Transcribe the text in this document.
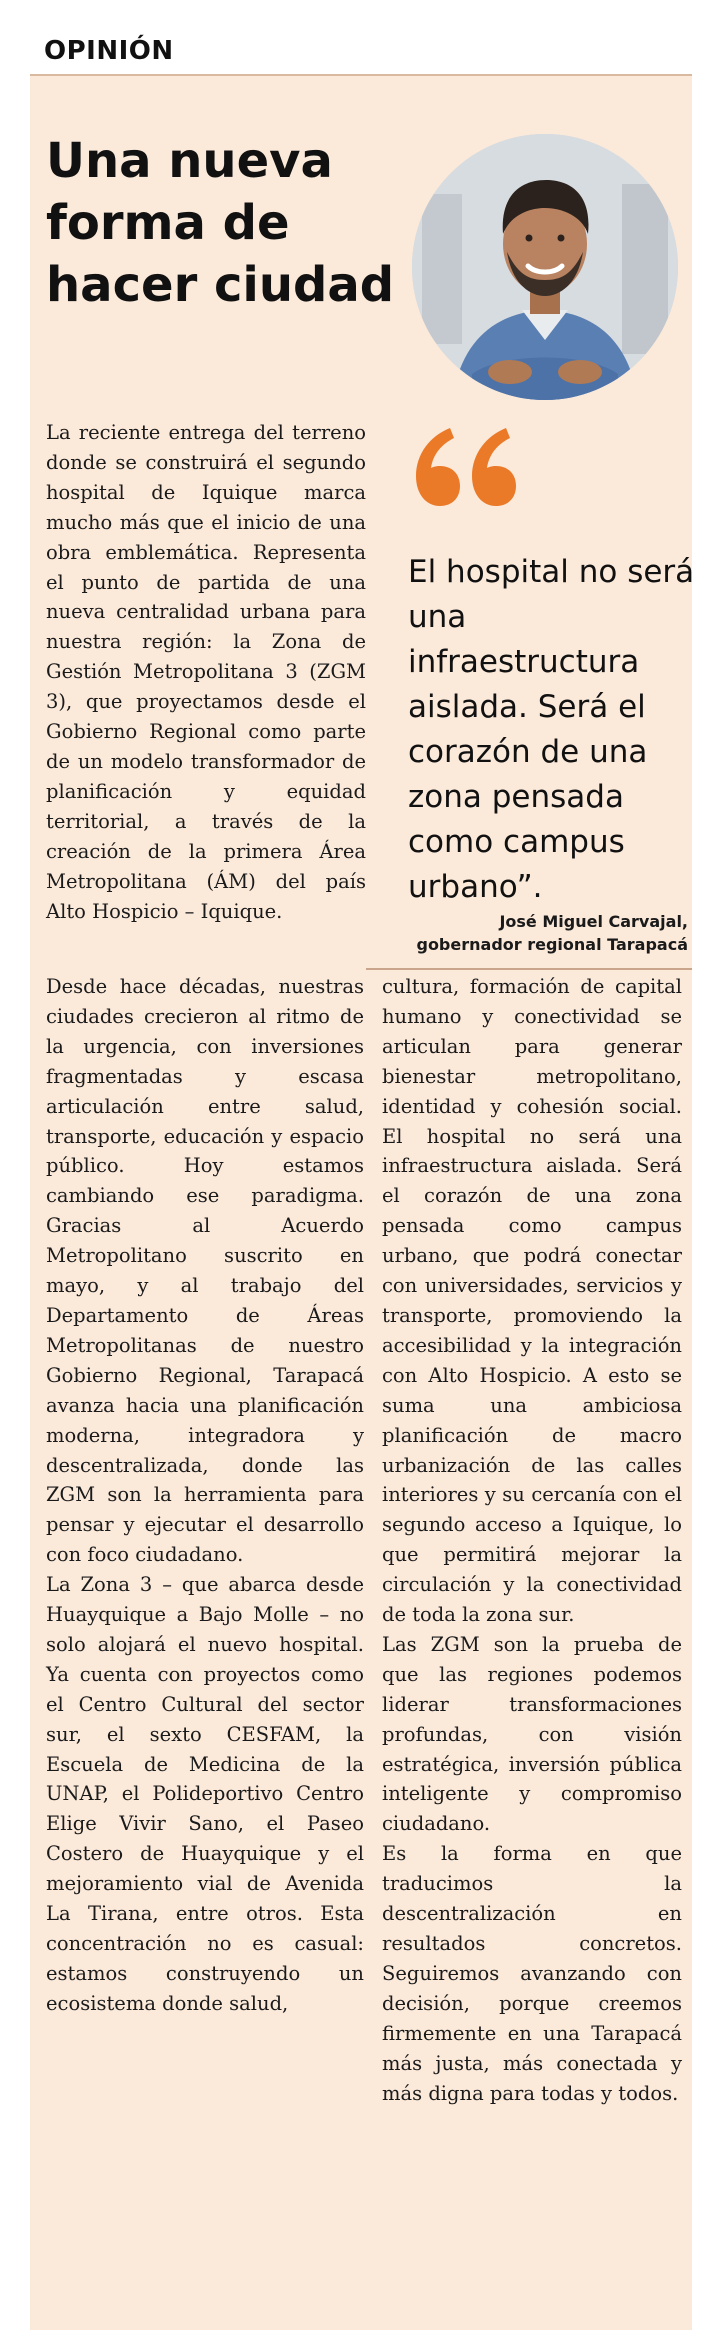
OPINIÓN
Una nueva forma de hacer ciudad

El hospital no será una infraestructura aislada. Será el corazón de una zona pensada como campus urbano”.

José Miguel Carvajal,
gobernador regional Tarapacá

La reciente entrega del terreno donde se construirá el segundo hospital de Iquique marca mucho más que el inicio de una obra emblemática. Representa el punto de partida de una nueva centralidad urbana para nuestra región: la Zona de Gestión Metropolitana 3 (ZGM 3), que proyectamos desde el Gobierno Regional como parte de un modelo transformador de planificación y equidad territorial, a través de la creación de la primera Área Metropolitana (ÁM) del país Alto Hospicio – Iquique.

Desde hace décadas, nuestras ciudades crecieron al ritmo de la urgencia, con inversiones fragmentadas y escasa articulación entre salud, transporte, educación y espacio público. Hoy estamos cambiando ese paradigma. Gracias al Acuerdo Metropolitano suscrito en mayo, y al trabajo del Departamento de Áreas Metropolitanas de nuestro Gobierno Regional, Tarapacá avanza hacia una planificación moderna, integradora y descentralizada, donde las ZGM son la herramienta para pensar y ejecutar el desarrollo con foco ciudadano.

La Zona 3 – que abarca desde Huayquique a Bajo Molle – no solo alojará el nuevo hospital. Ya cuenta con proyectos como el Centro Cultural del sector sur, el sexto CESFAM, la Escuela de Medicina de la UNAP, el Polideportivo Centro Elige Vivir Sano, el Paseo Costero de Huayquique y el mejoramiento vial de Avenida La Tirana, entre otros. Esta concentración no es casual: estamos construyendo un ecosistema donde salud,

cultura, formación de capital humano y conectividad se articulan para generar bienestar metropolitano, identidad y cohesión social. El hospital no será una infraestructura aislada. Será el corazón de una zona pensada como campus urbano, que podrá conectar con universidades, servicios y transporte, promoviendo la accesibilidad y la integración con Alto Hospicio. A esto se suma una ambiciosa planificación de macro urbanización de las calles interiores y su cercanía con el segundo acceso a Iquique, lo que permitirá mejorar la circulación y la conectividad de toda la zona sur.

Las ZGM son la prueba de que las regiones podemos liderar transformaciones profundas, con visión estratégica, inversión pública inteligente y compromiso ciudadano.

Es la forma en que traducimos la descentralización en resultados concretos. Seguiremos avanzando con decisión, porque creemos firmemente en una Tarapacá más justa, más conectada y más digna para todas y todos.
